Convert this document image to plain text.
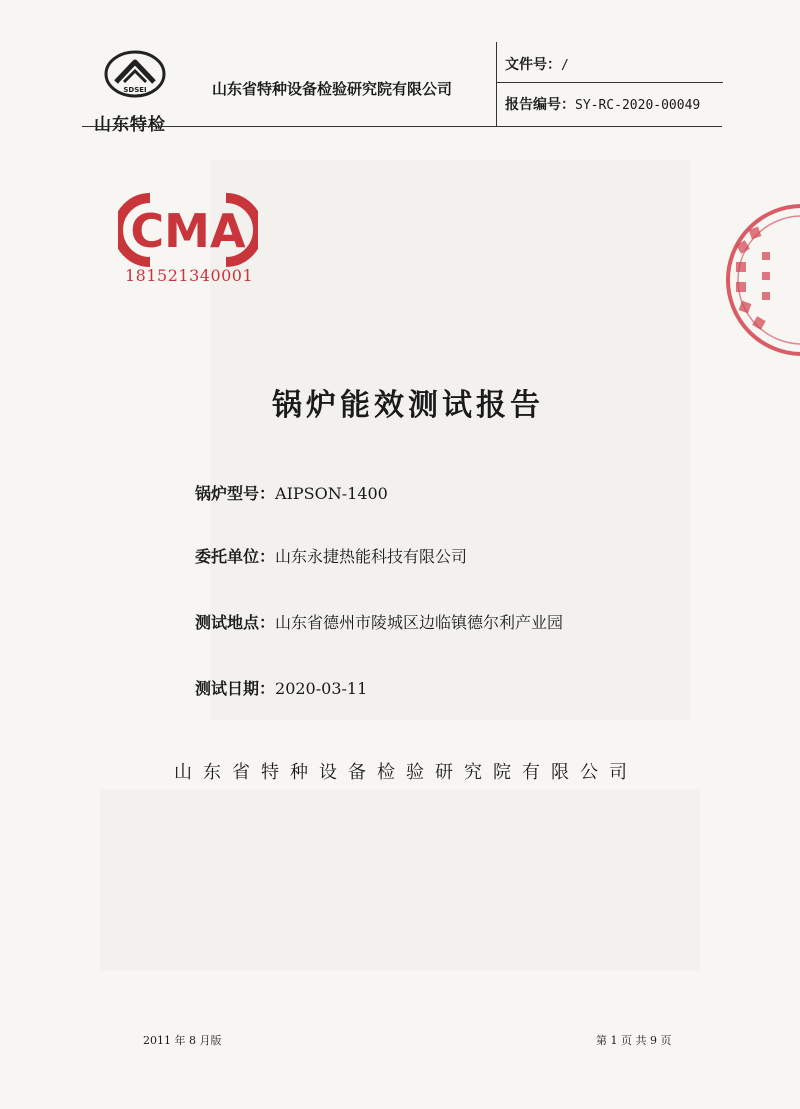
SDSEI
山东特检
山东省特种设备检验研究院有限公司
文件号：/
报告编号：SY-RC-2020-00049
CMA
181521340001
锅炉能效测试报告
锅炉型号：AIPSON-1400
委托单位：山东永捷热能科技有限公司
测试地点：山东省德州市陵城区边临镇德尔利产业园
测试日期：2020-03-11
山东省特种设备检验研究院有限公司
2011 年 8 月版	第 1 页 共 9 页
